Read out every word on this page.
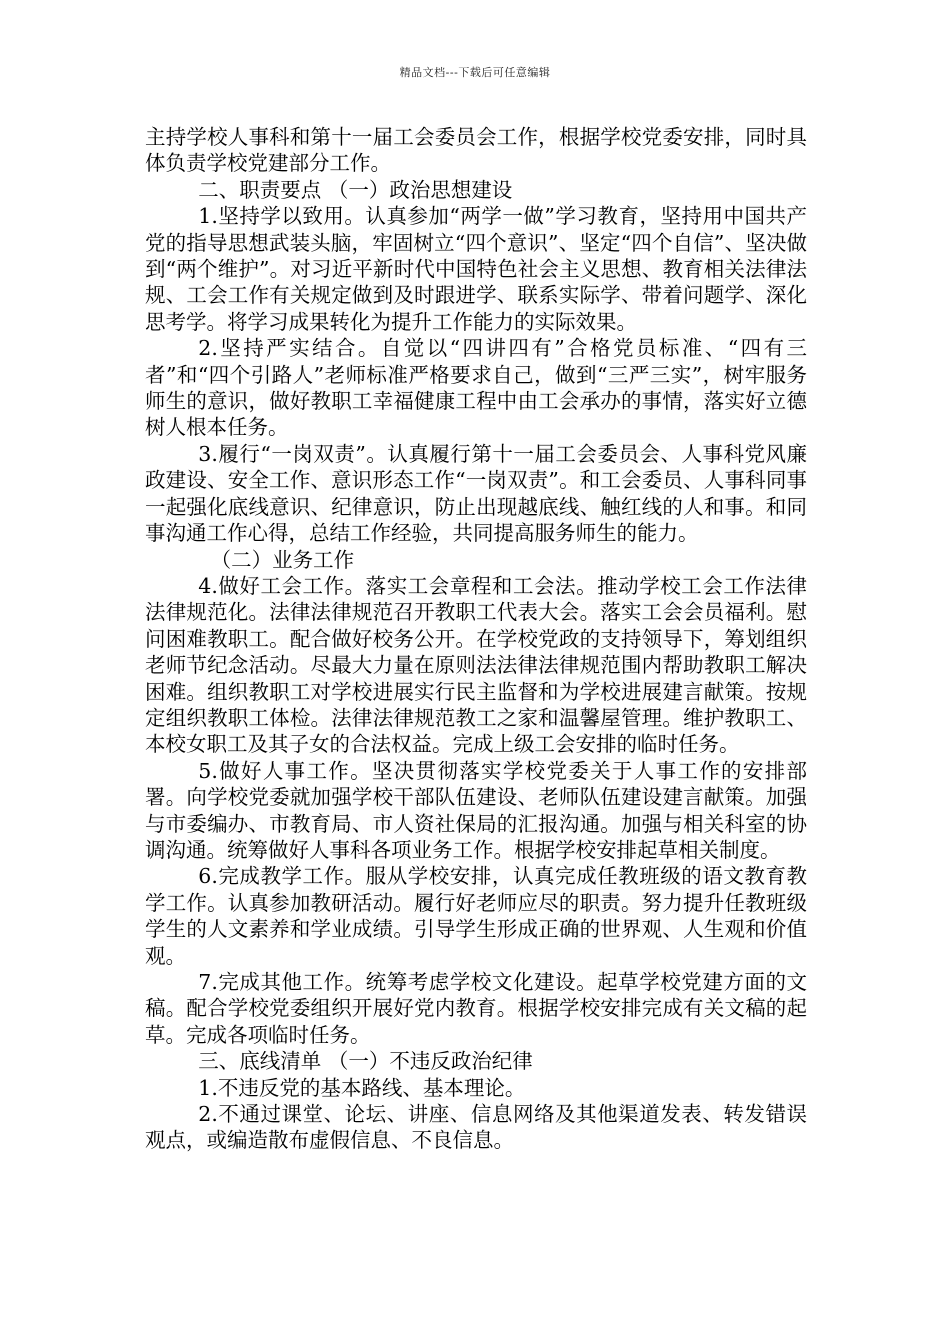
精品文档---下载后可任意编辑

主持学校人事科和第十一届工会委员会工作，根据学校党委安排，同时具体负责学校党建部分工作。

二、职责要点 （一）政治思想建设

1.坚持学以致用。认真参加“两学一做”学习教育，坚持用中国共产党的指导思想武装头脑，牢固树立“四个意识”、坚定“四个自信”、坚决做到“两个维护”。对习近平新时代中国特色社会主义思想、教育相关法律法规、工会工作有关规定做到及时跟进学、联系实际学、带着问题学、深化思考学。将学习成果转化为提升工作能力的实际效果。

2.坚持严实结合。自觉以“四讲四有”合格党员标准、“四有三者”和“四个引路人”老师标准严格要求自己，做到“三严三实”，树牢服务师生的意识，做好教职工幸福健康工程中由工会承办的事情，落实好立德树人根本任务。

3.履行“一岗双责”。认真履行第十一届工会委员会、人事科党风廉政建设、安全工作、意识形态工作“一岗双责”。和工会委员、人事科同事一起强化底线意识、纪律意识，防止出现越底线、触红线的人和事。和同事沟通工作心得，总结工作经验，共同提高服务师生的能力。

（二）业务工作

4.做好工会工作。落实工会章程和工会法。推动学校工会工作法律法律规范化。法律法律规范召开教职工代表大会。落实工会会员福利。慰问困难教职工。配合做好校务公开。在学校党政的支持领导下，筹划组织老师节纪念活动。尽最大力量在原则法法律法律规范围内帮助教职工解决困难。组织教职工对学校进展实行民主监督和为学校进展建言献策。按规定组织教职工体检。法律法律规范教工之家和温馨屋管理。维护教职工、本校女职工及其子女的合法权益。完成上级工会安排的临时任务。

5.做好人事工作。坚决贯彻落实学校党委关于人事工作的安排部署。向学校党委就加强学校干部队伍建设、老师队伍建设建言献策。加强与市委编办、市教育局、市人资社保局的汇报沟通。加强与相关科室的协调沟通。统筹做好人事科各项业务工作。根据学校安排起草相关制度。

6.完成教学工作。服从学校安排，认真完成任教班级的语文教育教学工作。认真参加教研活动。履行好老师应尽的职责。努力提升任教班级学生的人文素养和学业成绩。引导学生形成正确的世界观、人生观和价值观。

7.完成其他工作。统筹考虑学校文化建设。起草学校党建方面的文稿。配合学校党委组织开展好党内教育。根据学校安排完成有关文稿的起草。完成各项临时任务。

三、底线清单 （一）不违反政治纪律

1.不违反党的基本路线、基本理论。

2.不通过课堂、论坛、讲座、信息网络及其他渠道发表、转发错误观点，或编造散布虚假信息、不良信息。
